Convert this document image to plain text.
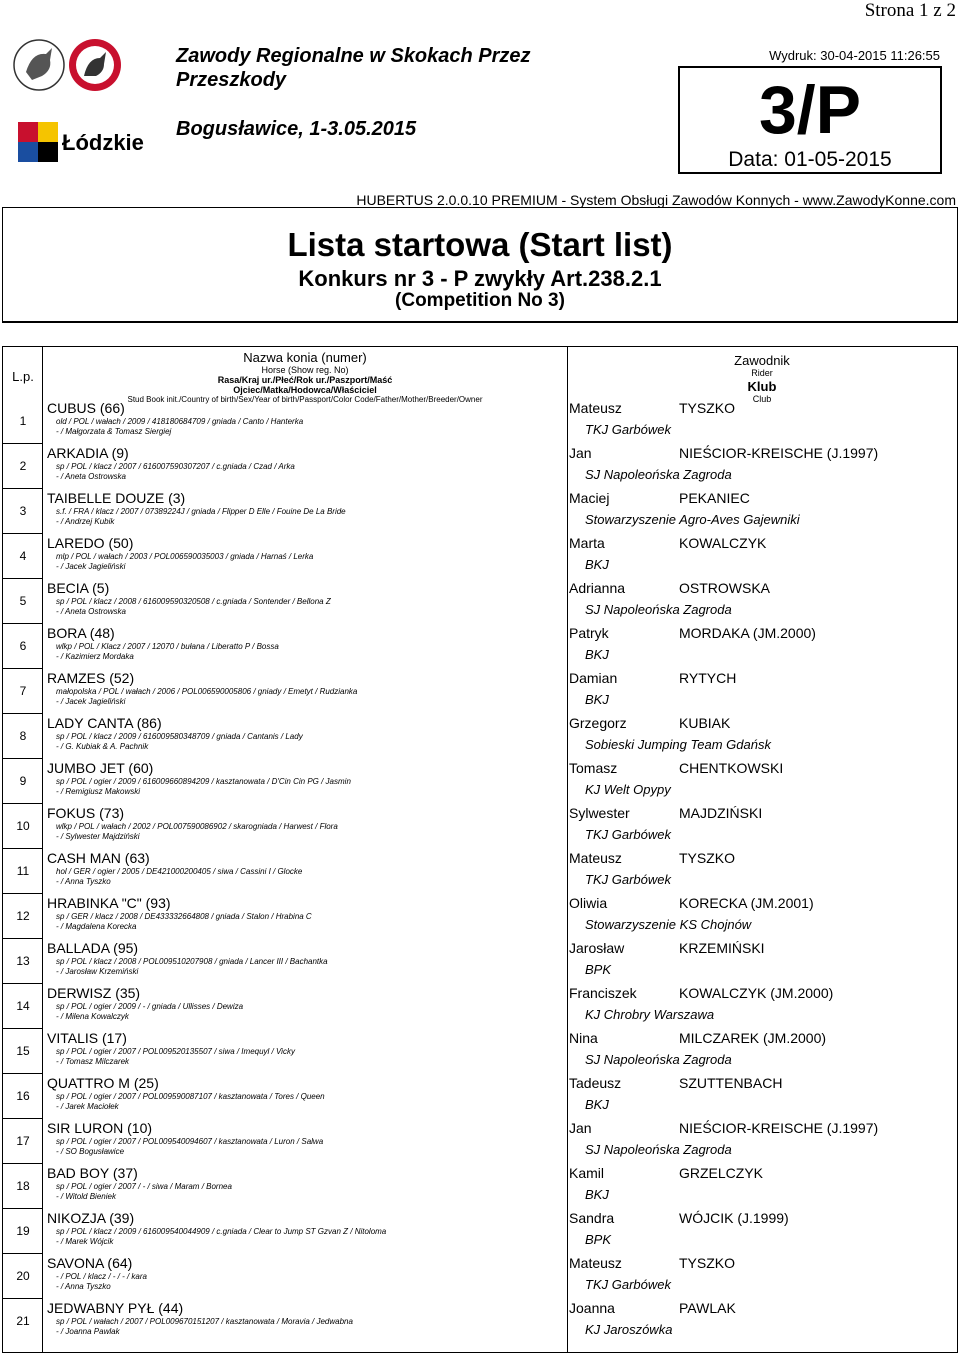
Strona 1 z 2
Łódzkie
Zawody Regionalne w Skokach Przez Przeszkody
Bogusławice, 1-3.05.2015
Wydruk: 30-04-2015 11:26:55
3/P
Data: 01-05-2015
HUBERTUS 2.0.0.10 PREMIUM - System Obsługi Zawodów Konnych - www.ZawodyKonne.com
Lista startowa (Start list)
Konkurs nr 3 - P zwykły Art.238.2.1
(Competition No 3)
L.p.
Nazwa konia (numer)
Horse (Show reg. No)
Rasa/Kraj ur./Płeć/Rok ur./Paszport/Maść
Ojciec/Matka/Hodowca/Właściciel
Stud Book init./Country of birth/Sex/Year of birth/Passport/Color Code/Father/Mother/Breeder/Owner
Zawodnik
Rider
Klub
Club
1
CUBUS (66)
old / POL / wałach / 2009 / 418180684709 / gniada / Canto / Hanterka
- / Małgorzata & Tomasz Siergiej
Mateusz	TYSZKO
TKJ Garbówek
2
ARKADIA (9)
sp / POL / klacz / 2007 / 616007590307207 / c.gniada / Czad / Arka
- / Aneta Ostrowska
Jan	NIEŚCIOR-KREISCHE (J.1997)
SJ Napoleońska Zagroda
3
TAIBELLE DOUZE (3)
s.f. / FRA / klacz / 2007 / 07389224J / gniada / Flipper D Elle / Fouine De La Bride
- / Andrzej Kubik
Maciej	PEKANIEC
Stowarzyszenie Agro-Aves Gajewniki
4
LAREDO (50)
mlp / POL / wałach / 2003 / POL006590035003 / gniada / Harnaś / Lerka
- / Jacek Jagieliński
Marta	KOWALCZYK
BKJ
5
BECIA (5)
sp / POL / klacz / 2008 / 616009590320508 / c.gniada / Sontender / Bellona Z
- / Aneta Ostrowska
Adrianna	OSTROWSKA
SJ Napoleońska Zagroda
6
BORA (48)
wlkp / POL / Klacz / 2007 / 12070 / bułana / Liberatto P / Bossa
- / Kazimierz Mordaka
Patryk	MORDAKA (JM.2000)
BKJ
7
RAMZES (52)
małopolska / POL / wałach / 2006 / POL006590005806 / gniady / Emetyt / Rudzianka
- / Jacek Jagieliński
Damian	RYTYCH
BKJ
8
LADY CANTA (86)
sp / POL / klacz / 2009 / 616009580348709 / gniada / Cantanis / Lady
- / G. Kubiak & A. Pachnik
Grzegorz	KUBIAK
Sobieski Jumping Team Gdańsk
9
JUMBO JET (60)
sp / POL / ogier / 2009 / 616009660894209 / kasztanowata / D'Cin Cin PG / Jasmin
- / Remigiusz Makowski
Tomasz	CHENTKOWSKI
KJ Welt Opypy
10
FOKUS (73)
wlkp / POL / wałach / 2002 / POL007590086902 / skarogniada / Harwest / Flora
- / Sylwester Majdziński
Sylwester	MAJDZIŃSKI
TKJ Garbówek
11
CASH MAN (63)
hol / GER / ogier / 2005 / DE421000200405 / siwa / Cassini I / Glocke
- / Anna Tyszko
Mateusz	TYSZKO
TKJ Garbówek
12
HRABINKA "C" (93)
sp / GER / klacz / 2008 / DE433332664808 / gniada / Stalon / Hrabina C
- / Magdalena Korecka
Oliwia	KORECKA (JM.2001)
Stowarzyszenie KS Chojnów
13
BALLADA (95)
sp / POL / klacz / 2008 / POL009510207908 / gniada / Lancer III / Bachantka
- / Jarosław Krzemiński
Jarosław	KRZEMIŃSKI
BPK
14
DERWISZ (35)
sp / POL / ogier / 2009 / - / gniada / Ullisses / Dewiza
- / Milena Kowalczyk
Franciszek	KOWALCZYK (JM.2000)
KJ Chrobry Warszawa
15
VITALIS (17)
sp / POL / ogier / 2007 / POL009520135507 / siwa / Imequyl / Vicky
- / Tomasz Milczarek
Nina	MILCZAREK (JM.2000)
SJ Napoleońska Zagroda
16
QUATTRO M (25)
sp / POL / ogier / 2007 / POL009590087107 / kasztanowata / Tores / Queen
- / Jarek Maciołek
Tadeusz	SZUTTENBACH
BKJ
17
SIR LURON (10)
sp / POL / ogier / 2007 / POL009540094607 / kasztanowata / Luron / Salwa
- / SO Bogusławice
Jan	NIEŚCIOR-KREISCHE (J.1997)
SJ Napoleońska Zagroda
18
BAD BOY (37)
sp / POL / ogier / 2007 / - / siwa / Maram / Bornea
- / Witold Bieniek
Kamil	GRZELCZYK
BKJ
19
NIKOZJA (39)
sp / POL / klacz / 2009 / 616009540044909 / c.gniada / Clear to Jump ST Gzvan Z / Nitoloma
- / Marek Wójcik
Sandra	WÓJCIK (J.1999)
BPK
20
SAVONA (64)
- / POL / klacz / - / - / kara
- / Anna Tyszko
Mateusz	TYSZKO
TKJ Garbówek
21
JEDWABNY PYŁ (44)
sp / POL / wałach / 2007 / POL009670151207 / kasztanowata / Moravia / Jedwabna
- / Joanna Pawlak
Joanna	PAWLAK
KJ Jaroszówka
